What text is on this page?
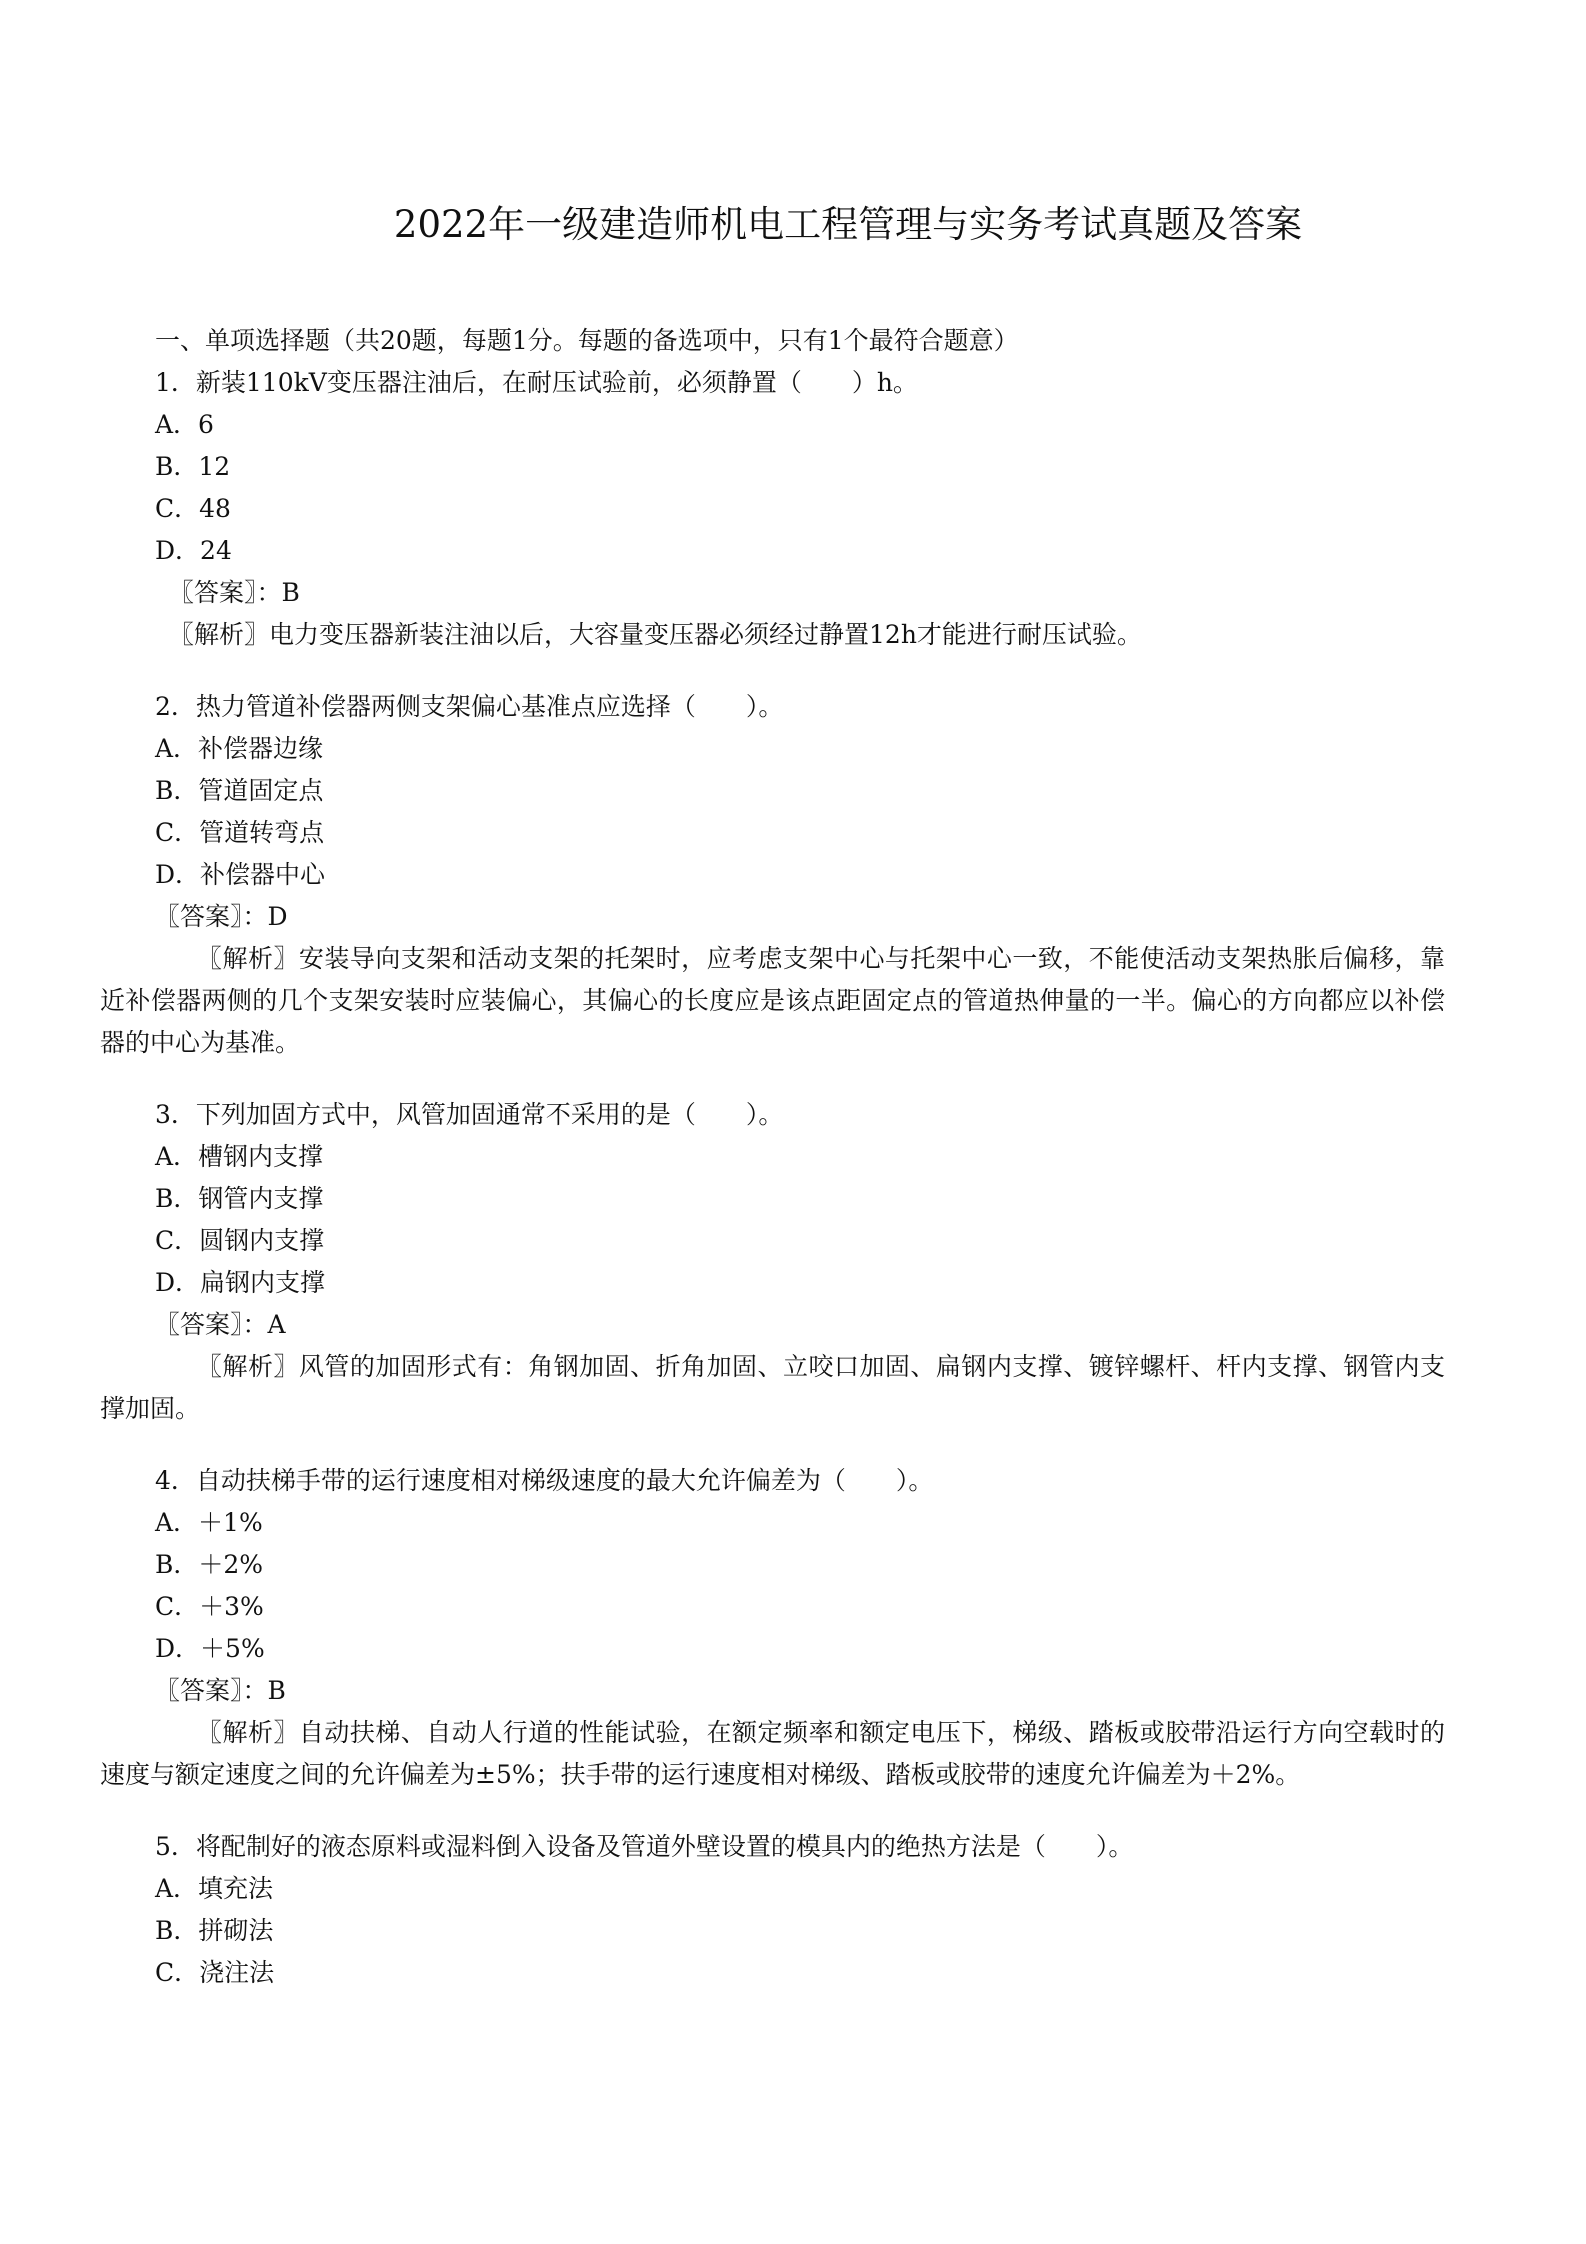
2022年一级建造师机电工程管理与实务考试真题及答案
一、单项选择题（共20题，每题1分。每题的备选项中，只有1个最符合题意）
1．新装110kV变压器注油后，在耐压试验前，必须静置（　　）h。
A．6
B．12
C．48
D．24
〖答案〗：B
〖解析〗电力变压器新装注油以后，大容量变压器必须经过静置12h才能进行耐压试验。
2．热力管道补偿器两侧支架偏心基准点应选择（　　）。
A．补偿器边缘
B．管道固定点
C．管道转弯点
D．补偿器中心
〖答案〗：D
〖解析〗安装导向支架和活动支架的托架时，应考虑支架中心与托架中心一致，不能使活动支架热胀后偏移，靠近补偿器两侧的几个支架安装时应装偏心，其偏心的长度应是该点距固定点的管道热伸量的一半。偏心的方向都应以补偿器的中心为基准。
3．下列加固方式中，风管加固通常不采用的是（　　）。
A．槽钢内支撑
B．钢管内支撑
C．圆钢内支撑
D．扁钢内支撑
〖答案〗：A
〖解析〗风管的加固形式有：角钢加固、折角加固、立咬口加固、扁钢内支撑、镀锌螺杆、杆内支撑、钢管内支撑加固。
4．自动扶梯手带的运行速度相对梯级速度的最大允许偏差为（　　）。
A．＋1%
B．＋2%
C．＋3%
D．＋5%
〖答案〗：B
〖解析〗自动扶梯、自动人行道的性能试验，在额定频率和额定电压下，梯级、踏板或胶带沿运行方向空载时的速度与额定速度之间的允许偏差为±5%；扶手带的运行速度相对梯级、踏板或胶带的速度允许偏差为＋2%。
5．将配制好的液态原料或湿料倒入设备及管道外壁设置的模具内的绝热方法是（　　）。
A．填充法
B．拼砌法
C．浇注法
